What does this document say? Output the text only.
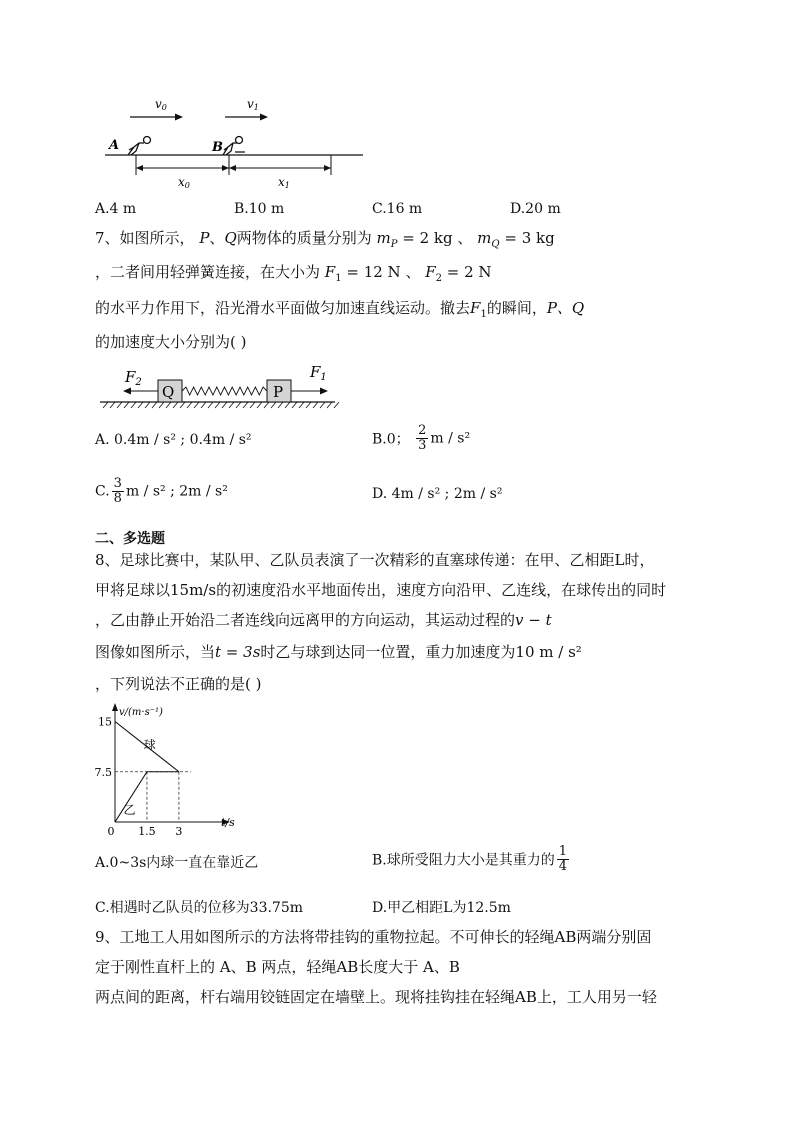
v0	v1
A	B
x0	x1
A.4 m	B.10 m	C.16 m	D.20 m
7、如图所示， P、Q两物体的质量分别为 $m_P = 2$ kg 、 $m_Q = 3$ kg
，二者间用轻弹簧连接，在大小为 $F_1 = 12$ N 、 $F_2 = 2$ N
的水平力作用下，沿光滑水平面做匀加速直线运动。撤去$F_1$的瞬间，P、Q
的加速度大小分别为( )
Q	P
$F_2$
$F_1$
A. 0.4m / s² ; 0.4m / s²	B.0； $\frac{2}{3}$ m / s²
C. $\frac{3}{8}$ m / s² ; 2m / s²	D. 4m / s² ; 2m / s²
二、多选题
8、足球比赛中，某队甲、乙队员表演了一次精彩的直塞球传递：在甲、乙相距L时，
甲将足球以15m/s的初速度沿水平地面传出，速度方向沿甲、乙连线，在球传出的同时
，乙由静止开始沿二者连线向远离甲的方向运动，其运动过程的v − t
图像如图所示，当t = 3s时乙与球到达同一位置，重力加速度为10 m / s²
，下列说法不正确的是( )
v/(m·s⁻¹)
t/s
15
7.5
0 1.5 3
球
乙
A.0~3s内球一直在靠近乙	B.球所受阻力大小是其重力的 $\frac{1}{4}$
C.相遇时乙队员的位移为33.75m	D.甲乙相距L为12.5m
9、工地工人用如图所示的方法将带挂钩的重物拉起。不可伸长的轻绳AB两端分别固
定于刚性直杆上的 A、B 两点，轻绳AB长度大于 A、B
两点间的距离，杆右端用铰链固定在墙壁上。现将挂钩挂在轻绳AB上，工人用另一轻
